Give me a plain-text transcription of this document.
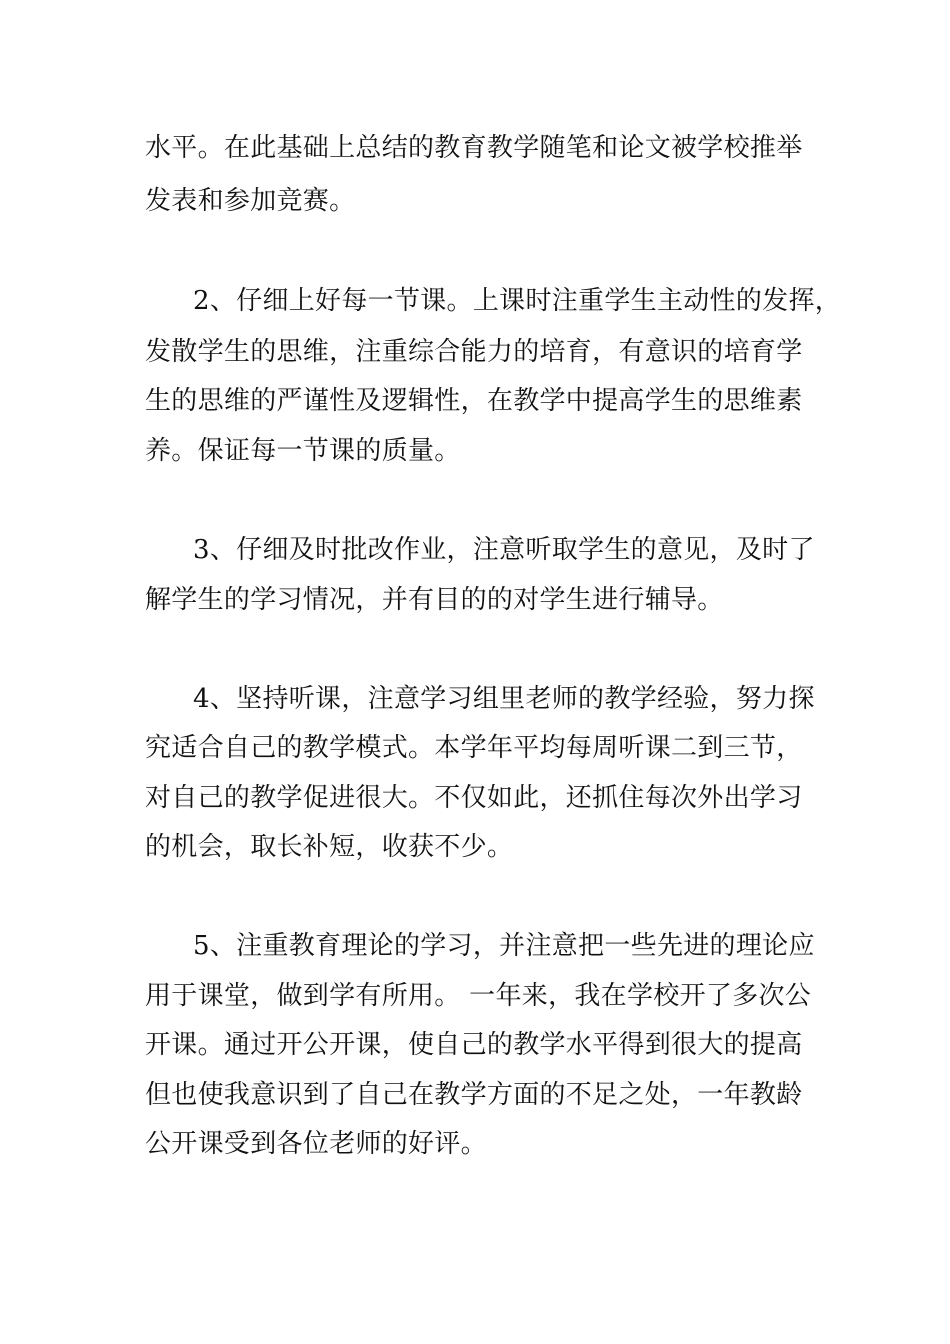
水平。在此基础上总结的教育教学随笔和论文被学校推举
发表和参加竞赛。
2、仔细上好每一节课。上课时注重学生主动性的发挥，
发散学生的思维，注重综合能力的培育，有意识的培育学
生的思维的严谨性及逻辑性，在教学中提高学生的思维素
养。保证每一节课的质量。
3、仔细及时批改作业，注意听取学生的意见，及时了
解学生的学习情况，并有目的的对学生进行辅导。
4、坚持听课，注意学习组里老师的教学经验，努力探
究适合自己的教学模式。本学年平均每周听课二到三节，
对自己的教学促进很大。不仅如此，还抓住每次外出学习
的机会，取长补短，收获不少。
5、注重教育理论的学习，并注意把一些先进的理论应
用于课堂，做到学有所用。 一年来，我在学校开了多次公
开课。通过开公开课，使自己的教学水平得到很大的提高
但也使我意识到了自己在教学方面的不足之处，一年教龄
公开课受到各位老师的好评。
